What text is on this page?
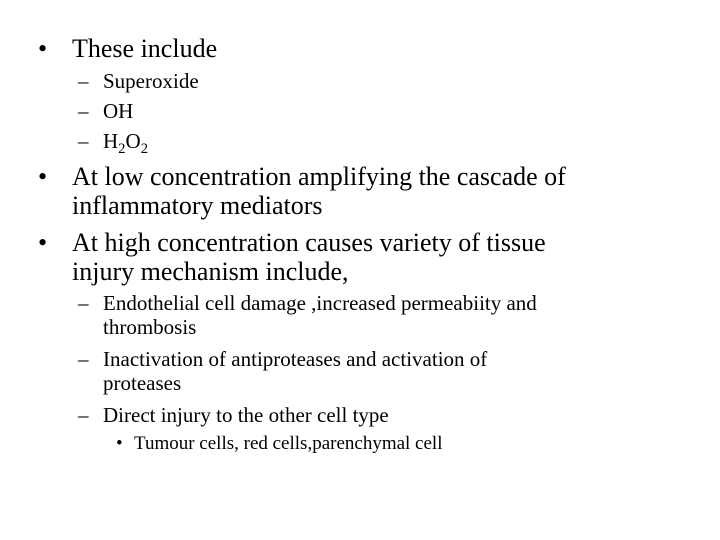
• These include
– Superoxide
– OH
– $H_2O_2$
• At low concentration amplifying the cascade of
inflammatory mediators
• At high concentration causes variety of tissue
injury mechanism include,
– Endothelial cell damage ,increased permeabiity and
thrombosis
– Inactivation of antiproteases and activation of
proteases
– Direct injury to the other cell type
• Tumour cells, red cells,parenchymal cell
